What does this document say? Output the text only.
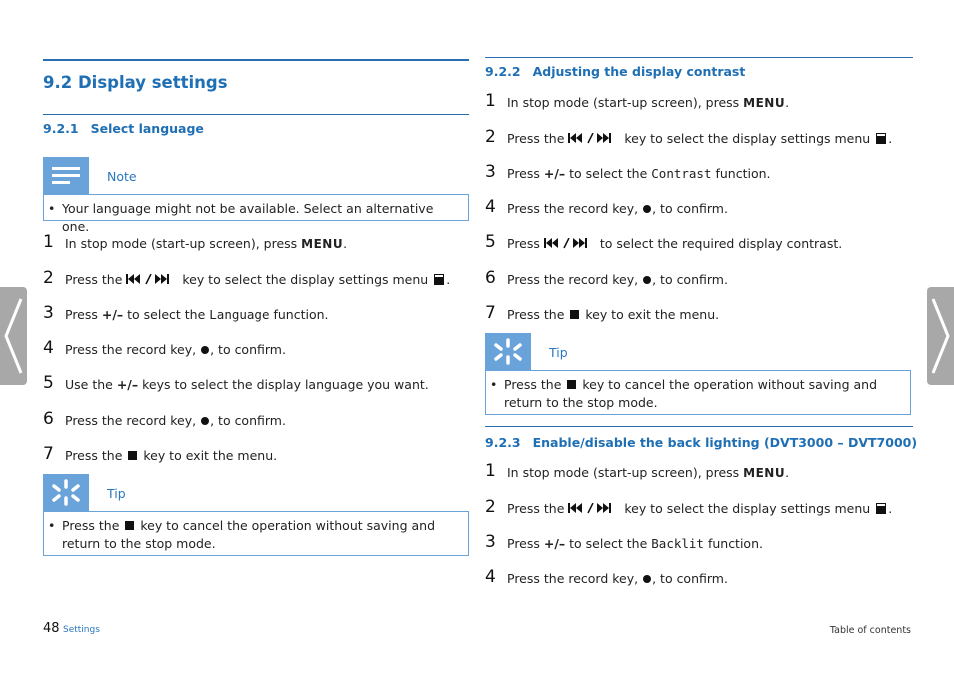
9.2 Display settings
9.2.1 Select language
Note
• Your language might not be available. Select an alternative one.
1 In stop mode (start-up screen), press MENU.
2 Press the	key to select the display settings menu .
3 Press +/– to select the Language function.
4 Press the record key, , to confirm.
5 Use the +/– keys to select the display language you want.
6 Press the record key, , to confirm.
7 Press the  key to exit the menu.
Tip
• Press the  key to cancel the operation without saving and return to the stop mode.
9.2.2 Adjusting the display contrast
1 In stop mode (start-up screen), press MENU.
2 Press the	key to select the display settings menu .
3 Press +/– to select the Contrast function.
4 Press the record key, , to confirm.
5 Press	to select the required display contrast.
6 Press the record key, , to confirm.
7 Press the  key to exit the menu.
Tip
• Press the  key to cancel the operation without saving and return to the stop mode.
9.2.3 Enable/disable the back lighting (DVT3000 – DVT7000)
1 In stop mode (start-up screen), press MENU.
2 Press the	key to select the display settings menu .
3 Press +/– to select the Backlit function.
4 Press the record key, , to confirm.
48 Settings	Table of contents
